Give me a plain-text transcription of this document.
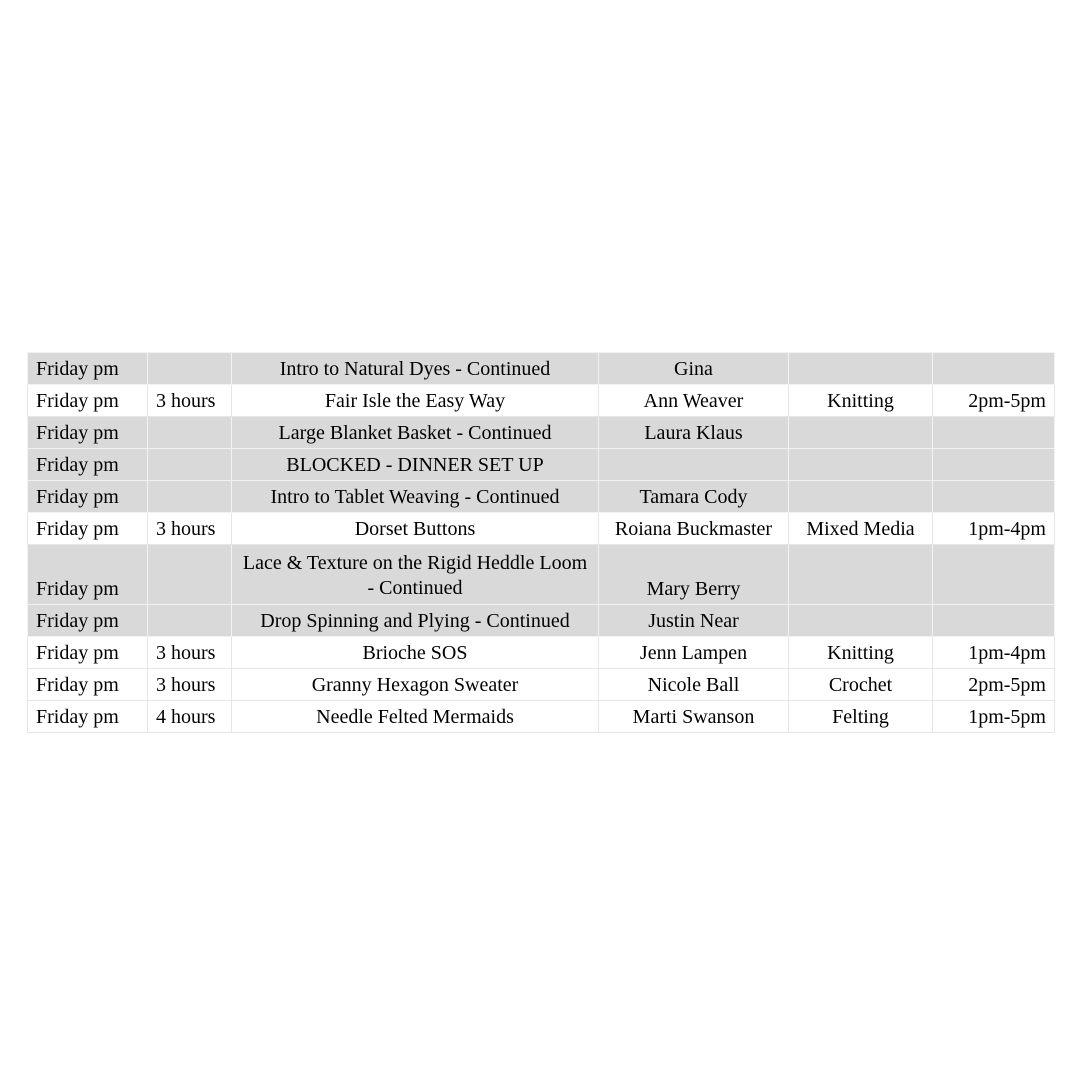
Friday pm		Intro to Natural Dyes - Continued	Gina		
Friday pm	3 hours	Fair Isle the Easy Way	Ann Weaver	Knitting	2pm-5pm
Friday pm		Large Blanket Basket - Continued	Laura Klaus		
Friday pm		BLOCKED - DINNER SET UP			
Friday pm		Intro to Tablet Weaving - Continued	Tamara Cody		
Friday pm	3 hours	Dorset Buttons	Roiana Buckmaster	Mixed Media	1pm-4pm
Friday pm		Lace & Texture on the Rigid Heddle Loom - Continued	Mary Berry		
Friday pm		Drop Spinning and Plying - Continued	Justin Near		
Friday pm	3 hours	Brioche SOS	Jenn Lampen	Knitting	1pm-4pm
Friday pm	3 hours	Granny Hexagon Sweater	Nicole Ball	Crochet	2pm-5pm
Friday pm	4 hours	Needle Felted Mermaids	Marti Swanson	Felting	1pm-5pm
